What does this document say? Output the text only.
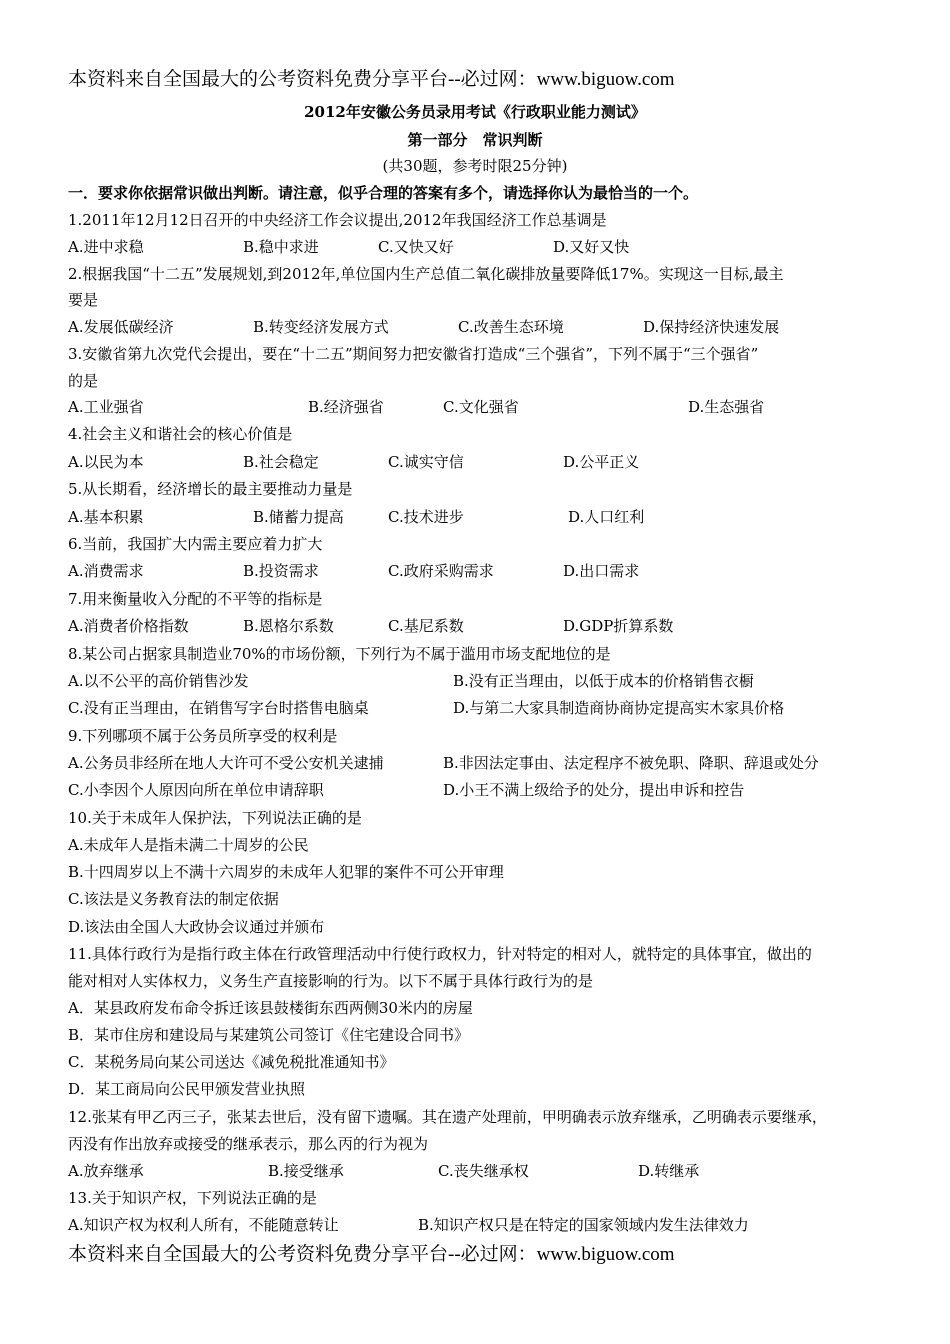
本资料来自全国最大的公考资料免费分享平台--必过网：www.biguow.com
2012年安徽公务员录用考试《行政职业能力测试》
第一部分　常识判断
(共30题，参考时限25分钟)
一．要求你依据常识做出判断。请注意，似乎合理的答案有多个，请选择你认为最恰当的一个。
1.2011年12月12日召开的中央经济工作会议提出,2012年我国经济工作总基调是
A.进中求稳	B.稳中求进	C.又快又好	D.又好又快
2.根据我国“十二五”发展规划,到2012年,单位国内生产总值二氧化碳排放量要降低17%。实现这一目标,最主
要是
A.发展低碳经济	B.转变经济发展方式	C.改善生态环境	D.保持经济快速发展
3.安徽省第九次党代会提出，要在“十二五”期间努力把安徽省打造成“三个强省”，下列不属于“三个强省”
的是
A.工业强省	B.经济强省	C.文化强省	D.生态强省
4.社会主义和谐社会的核心价值是
A.以民为本	B.社会稳定	C.诚实守信	D.公平正义
5.从长期看，经济增长的最主要推动力量是
A.基本积累	B.储蓄力提高	C.技术进步	D.人口红利
6.当前，我国扩大内需主要应着力扩大
A.消费需求	B.投资需求	C.政府采购需求	D.出口需求
7.用来衡量收入分配的不平等的指标是
A.消费者价格指数	B.恩格尔系数	C.基尼系数	D.GDP折算系数
8.某公司占据家具制造业70%的市场份额，下列行为不属于滥用市场支配地位的是
A.以不公平的高价销售沙发	B.没有正当理由，以低于成本的价格销售衣橱
C.没有正当理由，在销售写字台时搭售电脑桌	D.与第二大家具制造商协商协定提高实木家具价格
9.下列哪项不属于公务员所享受的权利是
A.公务员非经所在地人大许可不受公安机关逮捕	B.非因法定事由、法定程序不被免职、降职、辞退或处分
C.小李因个人原因向所在单位申请辞职	D.小王不满上级给予的处分，提出申诉和控告
10.关于未成年人保护法，下列说法正确的是
A.未成年人是指未满二十周岁的公民
B.十四周岁以上不满十六周岁的未成年人犯罪的案件不可公开审理
C.该法是义务教育法的制定依据
D.该法由全国人大政协会议通过并颁布
11.具体行政行为是指行政主体在行政管理活动中行使行政权力，针对特定的相对人，就特定的具体事宜，做出的
能对相对人实体权力，义务生产直接影响的行为。以下不属于具体行政行为的是
A．某县政府发布命令拆迁该县鼓楼街东西两侧30米内的房屋
B．某市住房和建设局与某建筑公司签订《住宅建设合同书》
C．某税务局向某公司送达《减免税批准通知书》
D．某工商局向公民甲颁发营业执照
12.张某有甲乙丙三子，张某去世后，没有留下遗嘱。其在遗产处理前，甲明确表示放弃继承，乙明确表示要继承，
丙没有作出放弃或接受的继承表示，那么丙的行为视为
A.放弃继承	B.接受继承	C.丧失继承权	D.转继承
13.关于知识产权，下列说法正确的是
A.知识产权为权利人所有，不能随意转让	B.知识产权只是在特定的国家领域内发生法律效力
本资料来自全国最大的公考资料免费分享平台--必过网：www.biguow.com
